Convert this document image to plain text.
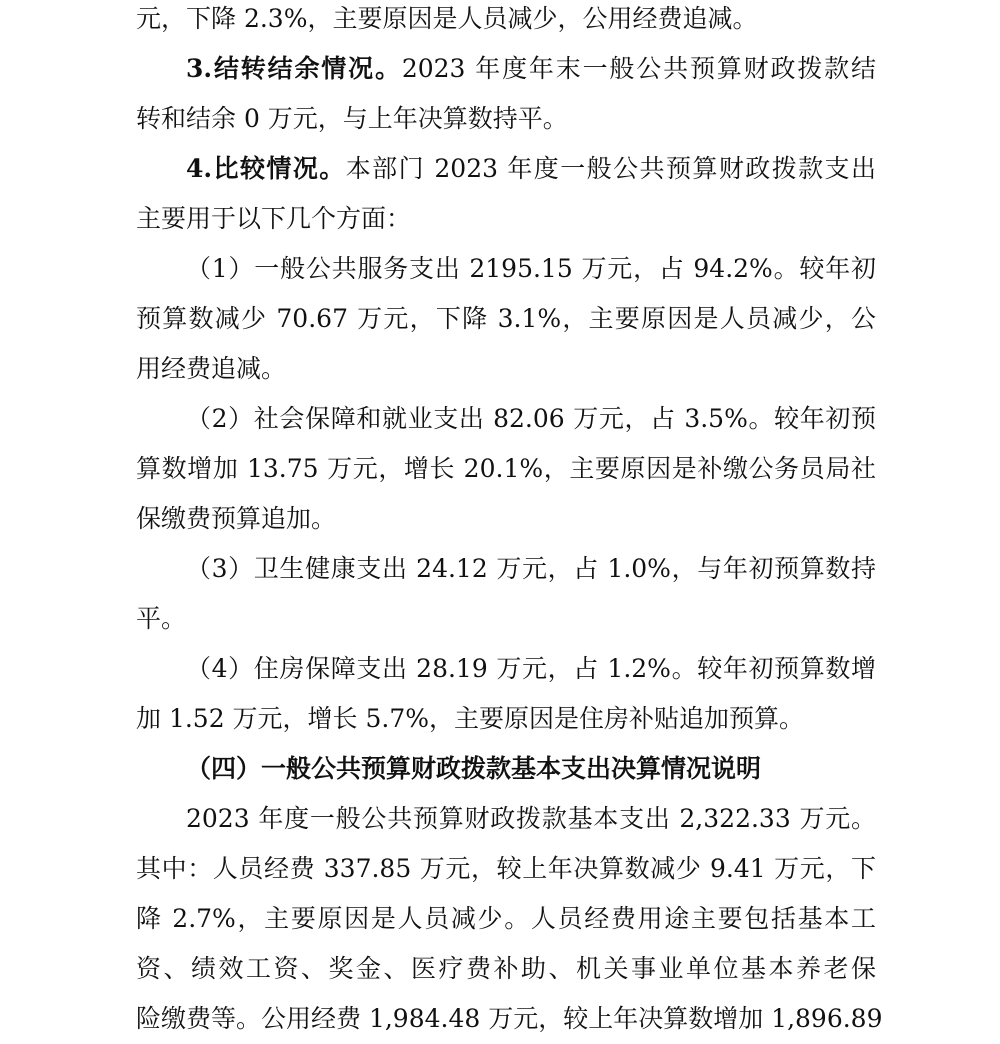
元，下降 2.3%，主要原因是人员减少，公用经费追减。
3.结转结余情况。2023 年度年末一般公共预算财政拨款结
转和结余 0 万元，与上年决算数持平。
4.比较情况。本部门 2023 年度一般公共预算财政拨款支出
主要用于以下几个方面：
（1）一般公共服务支出 2195.15 万元，占 94.2%。较年初
预算数减少 70.67 万元，下降 3.1%，主要原因是人员减少，公
用经费追减。
（2）社会保障和就业支出 82.06 万元，占 3.5%。较年初预
算数增加 13.75 万元，增长 20.1%，主要原因是补缴公务员局社
保缴费预算追加。
（3）卫生健康支出 24.12 万元，占 1.0%，与年初预算数持
平。
（4）住房保障支出 28.19 万元，占 1.2%。较年初预算数增
加 1.52 万元，增长 5.7%，主要原因是住房补贴追加预算。
（四）一般公共预算财政拨款基本支出决算情况说明
2023 年度一般公共预算财政拨款基本支出 2,322.33 万元。
其中：人员经费 337.85 万元，较上年决算数减少 9.41 万元，下
降 2.7%，主要原因是人员减少。人员经费用途主要包括基本工
资、绩效工资、奖金、医疗费补助、机关事业单位基本养老保
险缴费等。公用经费 1,984.48 万元，较上年决算数增加 1,896.89
